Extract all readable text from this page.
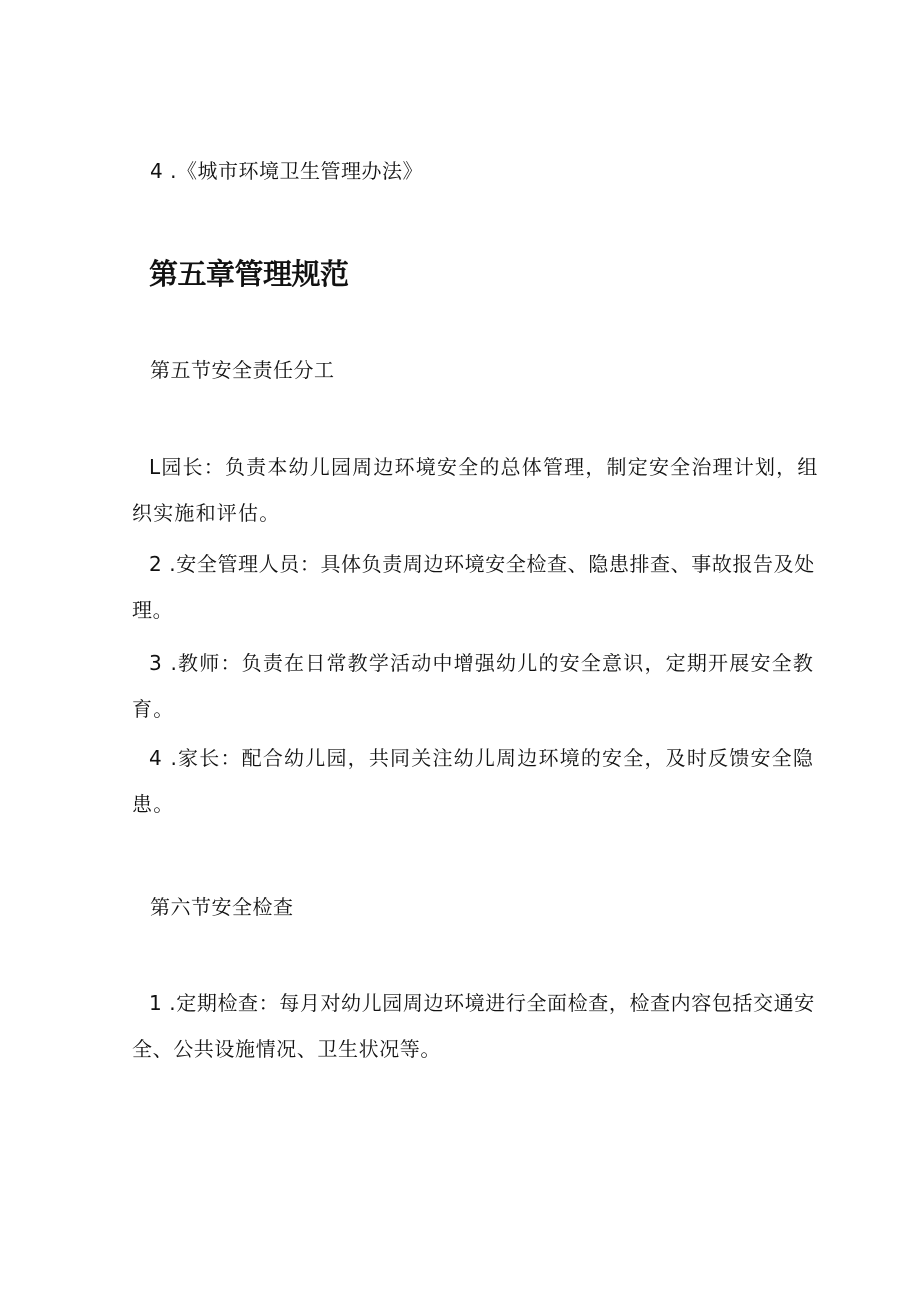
4 .《城市环境卫生管理办法》
第五章管理规范
第五节安全责任分工
L园长：负责本幼儿园周边环境安全的总体管理，制定安全治理计划，组织实施和评估。
2 .安全管理人员：具体负责周边环境安全检查、隐患排查、事故报告及处理。
3 .教师：负责在日常教学活动中增强幼儿的安全意识，定期开展安全教育。
4 .家长：配合幼儿园，共同关注幼儿周边环境的安全，及时反馈安全隐患。
第六节安全检查
1 .定期检查：每月对幼儿园周边环境进行全面检查，检查内容包括交通安全、公共设施情况、卫生状况等。
